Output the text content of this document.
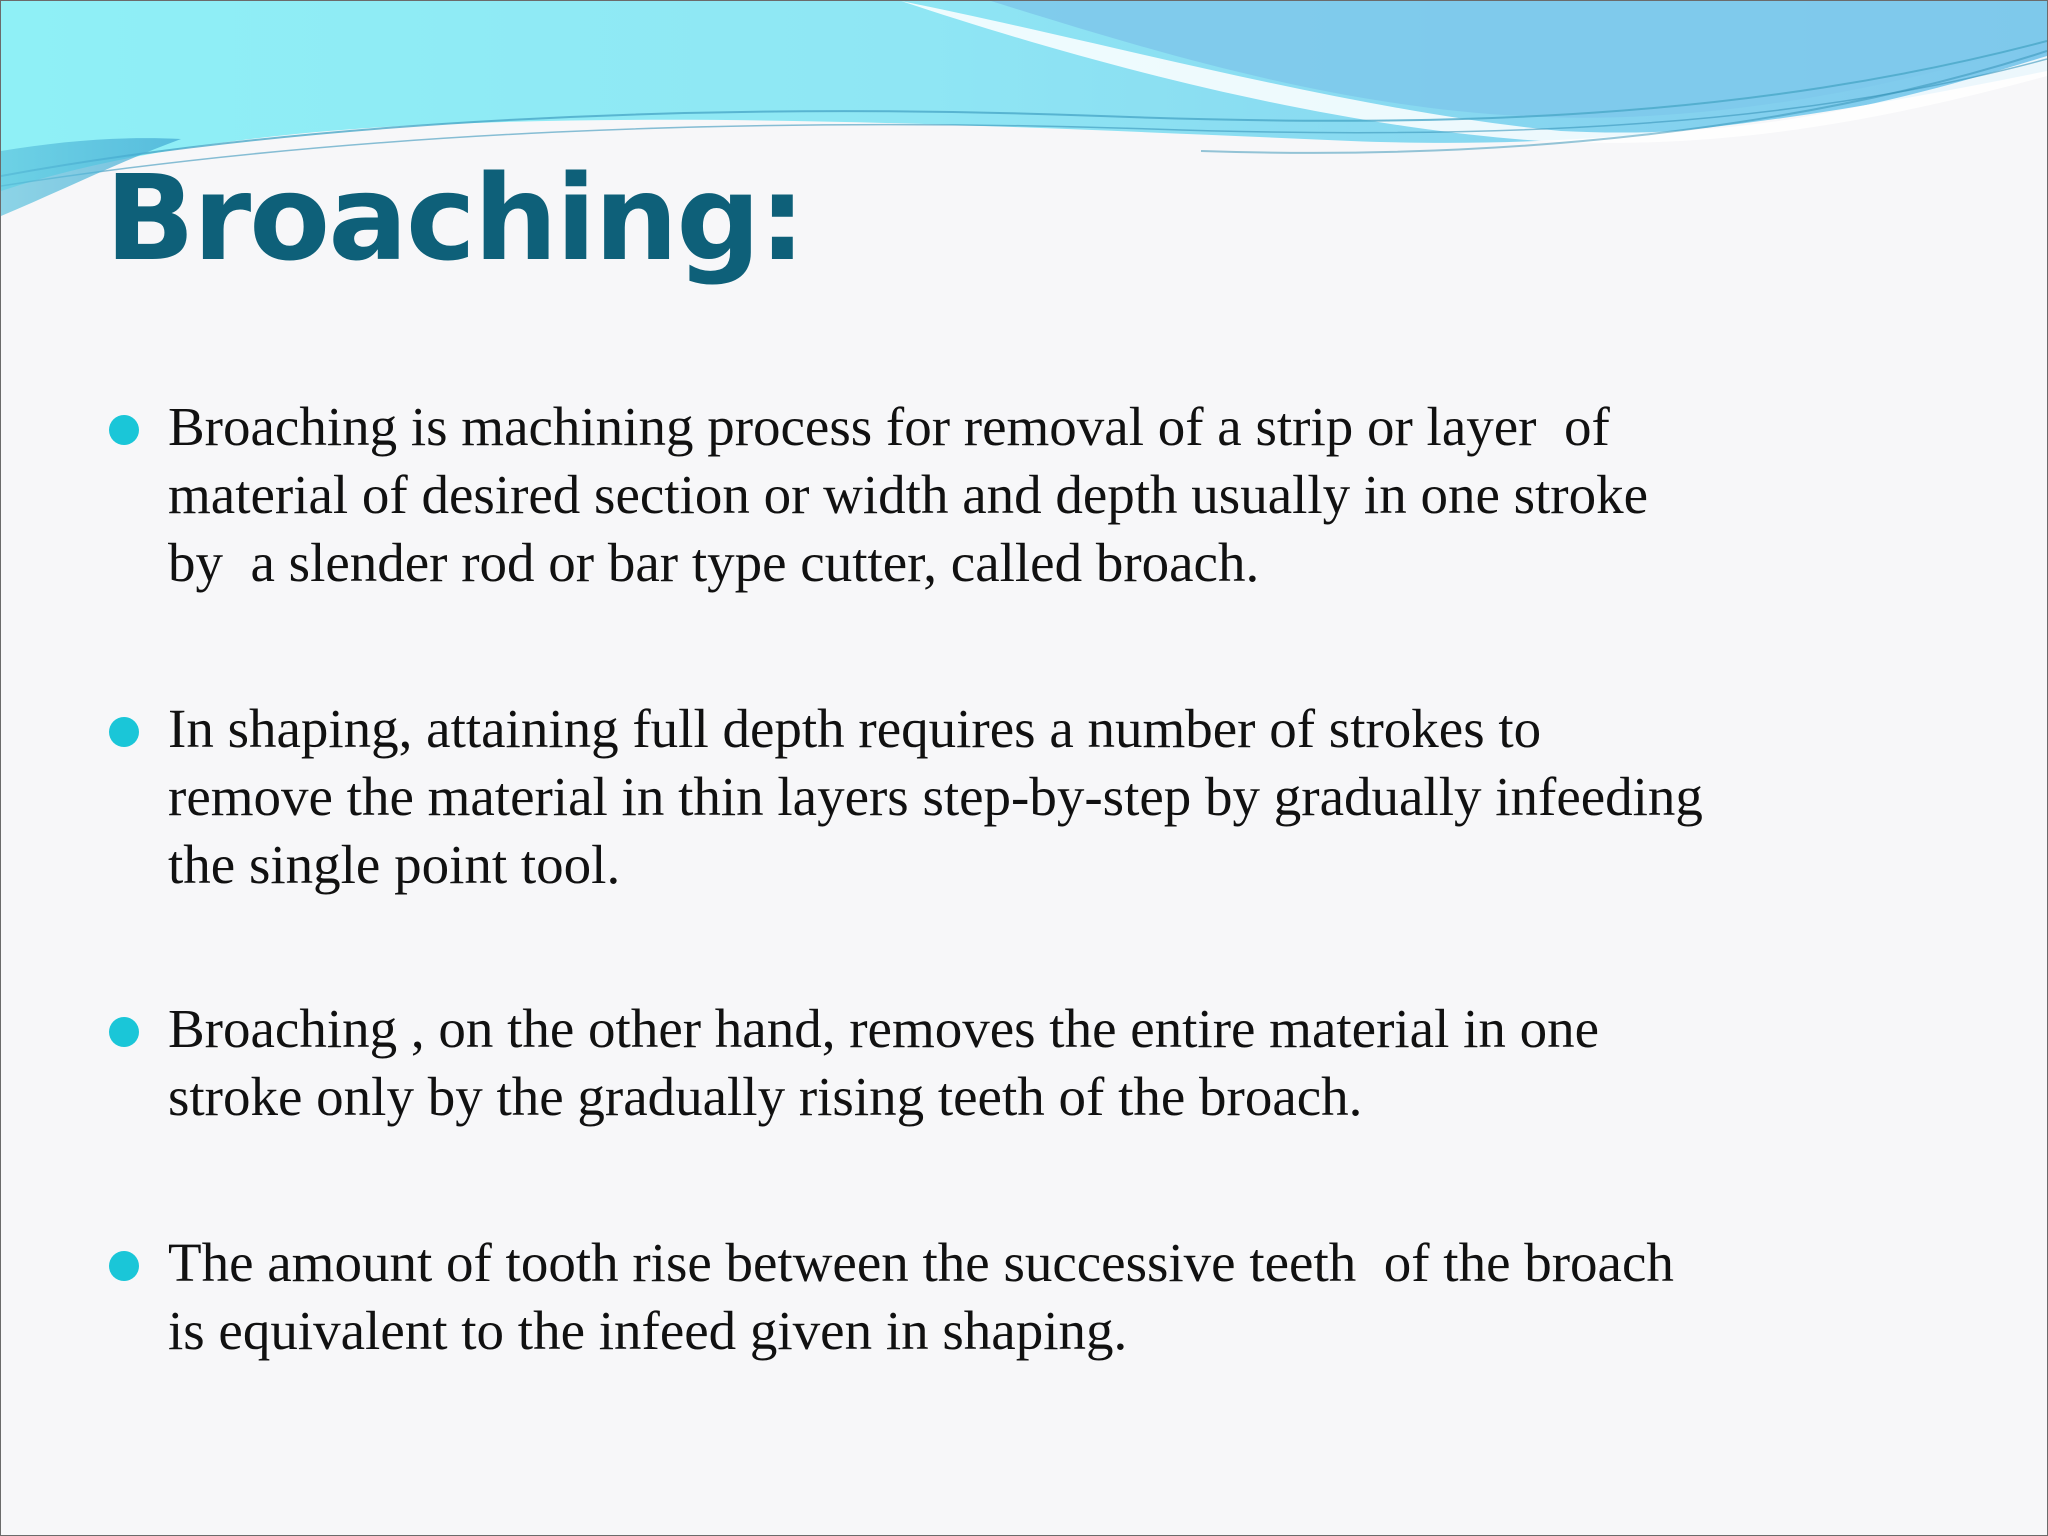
Broaching:
Broaching is machining process for removal of a strip or layer  of
material of desired section or width and depth usually in one stroke
by  a slender rod or bar type cutter, called broach.
In shaping, attaining full depth requires a number of strokes to
remove the material in thin layers step-by-step by gradually infeeding
the single point tool.
Broaching , on the other hand, removes the entire material in one
stroke only by the gradually rising teeth of the broach.
The amount of tooth rise between the successive teeth  of the broach
is equivalent to the infeed given in shaping.
